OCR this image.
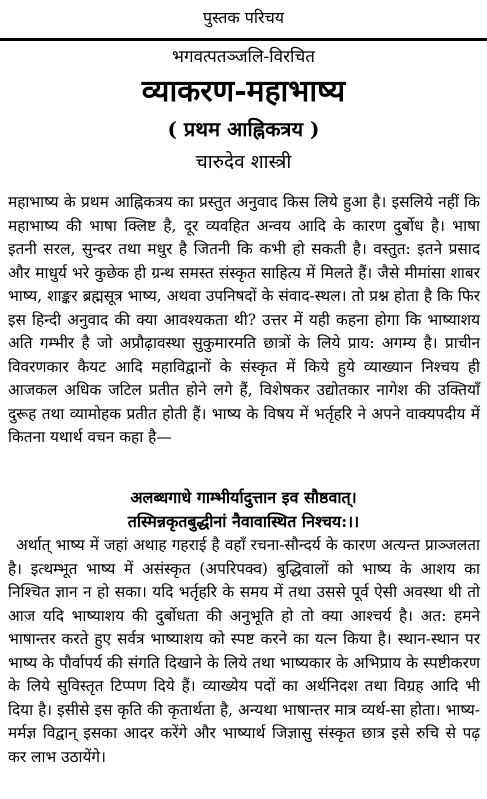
पुस्तक परिचय
भगवत्पतञ्जलि-विरचित
व्याकरण-महाभाष्य
( प्रथम आह्निकत्रय )
चारुदेव शास्त्री
महाभाष्य के प्रथम आह्निकत्रय का प्रस्तुत अनुवाद किस लिये हुआ है। इसलिये नहीं कि महाभाष्य की भाषा क्लिष्ट है, दूर व्यवहित अन्वय आदि के कारण दुर्बोध है। भाषा इतनी सरल, सुन्दर तथा मधुर है जितनी कि कभी हो सकती है। वस्तुत: इतने प्रसाद और माधुर्य भरे कुछेक ही ग्रन्थ समस्त संस्कृत साहित्य में मिलते हैं। जैसे मीमांसा शाबर भाष्य, शाङ्कर ब्रह्मसूत्र भाष्य, अथवा उपनिषदों के संवाद-स्थल। तो प्रश्न होता है कि फिर इस हिन्दी अनुवाद की क्या आवश्यकता थी? उत्तर में यही कहना होगा कि भाष्याशय अति गम्भीर है जो अप्रौढ़ावस्था सुकुमारमति छात्रों के लिये प्राय: अगम्य है। प्राचीन विवरणकार कैयट आदि महाविद्वानों के संस्कृत में किये हुये व्याख्यान निश्चय ही आजकल अधिक जटिल प्रतीत होने लगे हैं, विशेषकर उद्योतकार नागेश की उक्तियाँ दुरूह तथा व्यामोहक प्रतीत होती हैं। भाष्य के विषय में भर्तृहरि ने अपने वाक्यपदीय में कितना यथार्थ वचन कहा है—
अलब्धगाधे गाम्भीर्यादुत्तान इव सौष्ठवात्।
तस्मिन्नकृतबुद्धीनां नैवावास्थित निश्चय:।।
अर्थात् भाष्य में जहां अथाह गहराई है वहाँ रचना-सौन्दर्य के कारण अत्यन्त प्राञ्जलता है। इत्थम्भूत भाष्य में असंस्कृत (अपरिपक्व) बुद्धिवालों को भाष्य के आशय का निश्चित ज्ञान न हो सका। यदि भर्तृहरि के समय में तथा उससे पूर्व ऐसी अवस्था थी तो आज यदि भाष्याशय की दुर्बोधता की अनुभूति हो तो क्या आश्चर्य है। अत: हमने भाषान्तर करते हुए सर्वत्र भाष्याशय को स्पष्ट करने का यत्न किया है। स्थान-स्थान पर भाष्य के पौर्वापर्य की संगति दिखाने के लिये तथा भाष्यकार के अभिप्राय के स्पष्टीकरण के लिये सुविस्तृत टिप्पण दिये हैं। व्याख्येय पदों का अर्थनिदश तथा विग्रह आदि भी दिया है। इसीसे इस कृति की कृतार्थता है, अन्यथा भाषान्तर मात्र व्यर्थ-सा होता। भाष्य-मर्मज्ञ विद्वान् इसका आदर करेंगे और भाष्यार्थ जिज्ञासु संस्कृत छात्र इसे रुचि से पढ़ कर लाभ उठायेंगे।
